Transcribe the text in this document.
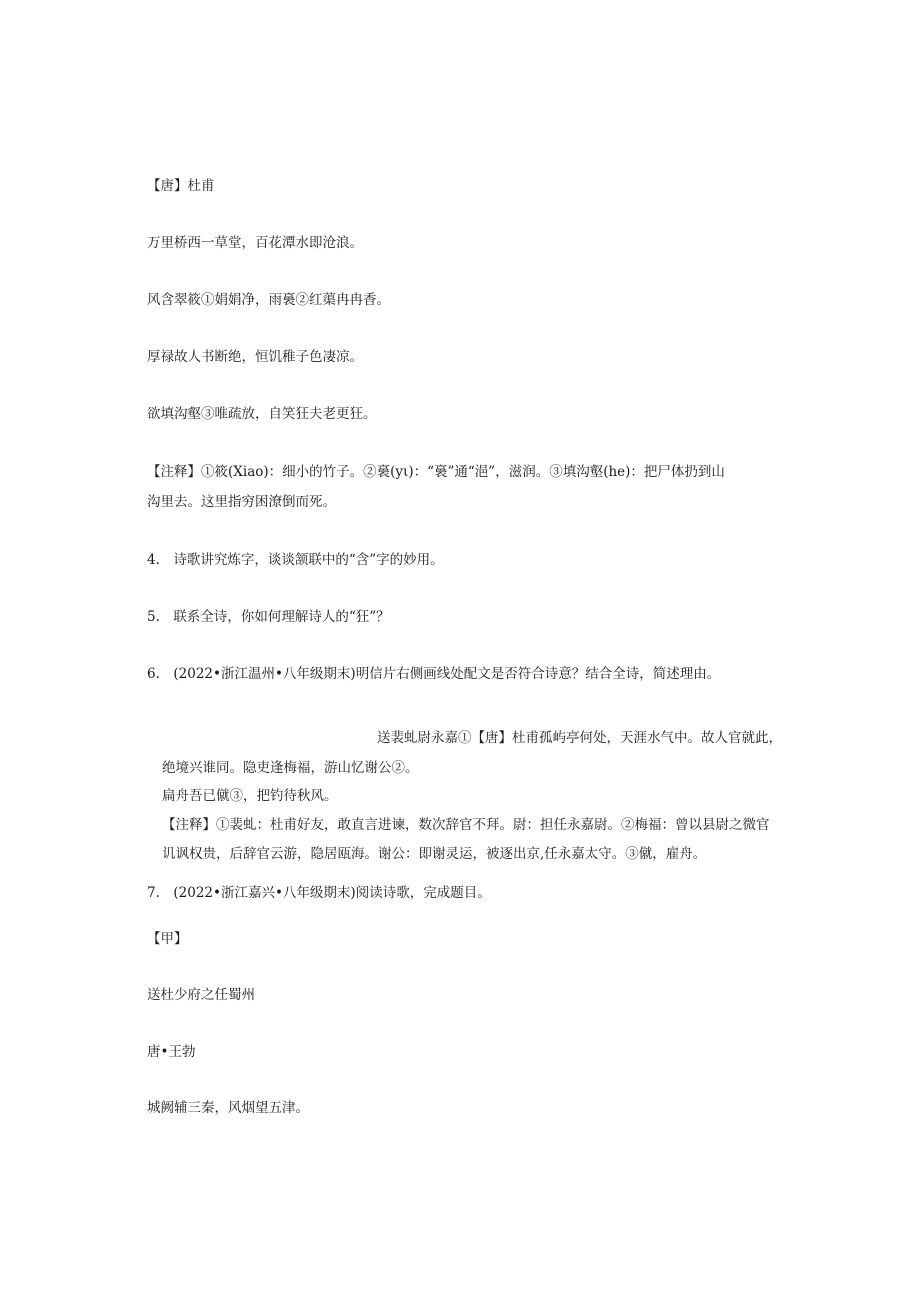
【唐】杜甫

万里桥西一草堂，百花潭水即沧浪。

风含翠筱①娟娟净，雨裛②红蕖冉冉香。

厚禄故人书断绝，恒饥稚子色凄凉。

欲填沟壑③唯疏放，自笑狂夫老更狂。

【注释】①筱(Xiao)：细小的竹子。②裛(yι)：“裛”通“浥”，滋润。③填沟壑(he)：把尸体扔到山

沟里去。这里指穷困潦倒而死。

4.　诗歌讲究炼字，谈谈颔联中的“含”字的妙用。

5.　联系全诗，你如何理解诗人的“狂”？

6.　(2022•浙江温州•八年级期末)明信片右侧画线处配文是否符合诗意？结合全诗，简述理由。

送裴虬尉永嘉①【唐】杜甫孤屿亭何处，天涯水气中。故人官就此，

绝境兴谁同。隐吏逢梅福，游山忆谢公②。

扁舟吾已僦③，把钓待秋风。

【注释】①裴虬：杜甫好友，敢直言进谏，数次辞官不拜。尉：担任永嘉尉。②梅福：曾以县尉之微官

讥讽权贵，后辞官云游，隐居瓯海。谢公：即谢灵运，被逐出京,任永嘉太守。③僦，雇舟。

7.　(2022•浙江嘉兴•八年级期末)阅读诗歌，完成题目。

【甲】

送杜少府之任蜀州

唐•王勃

城阙辅三秦，风烟望五津。
